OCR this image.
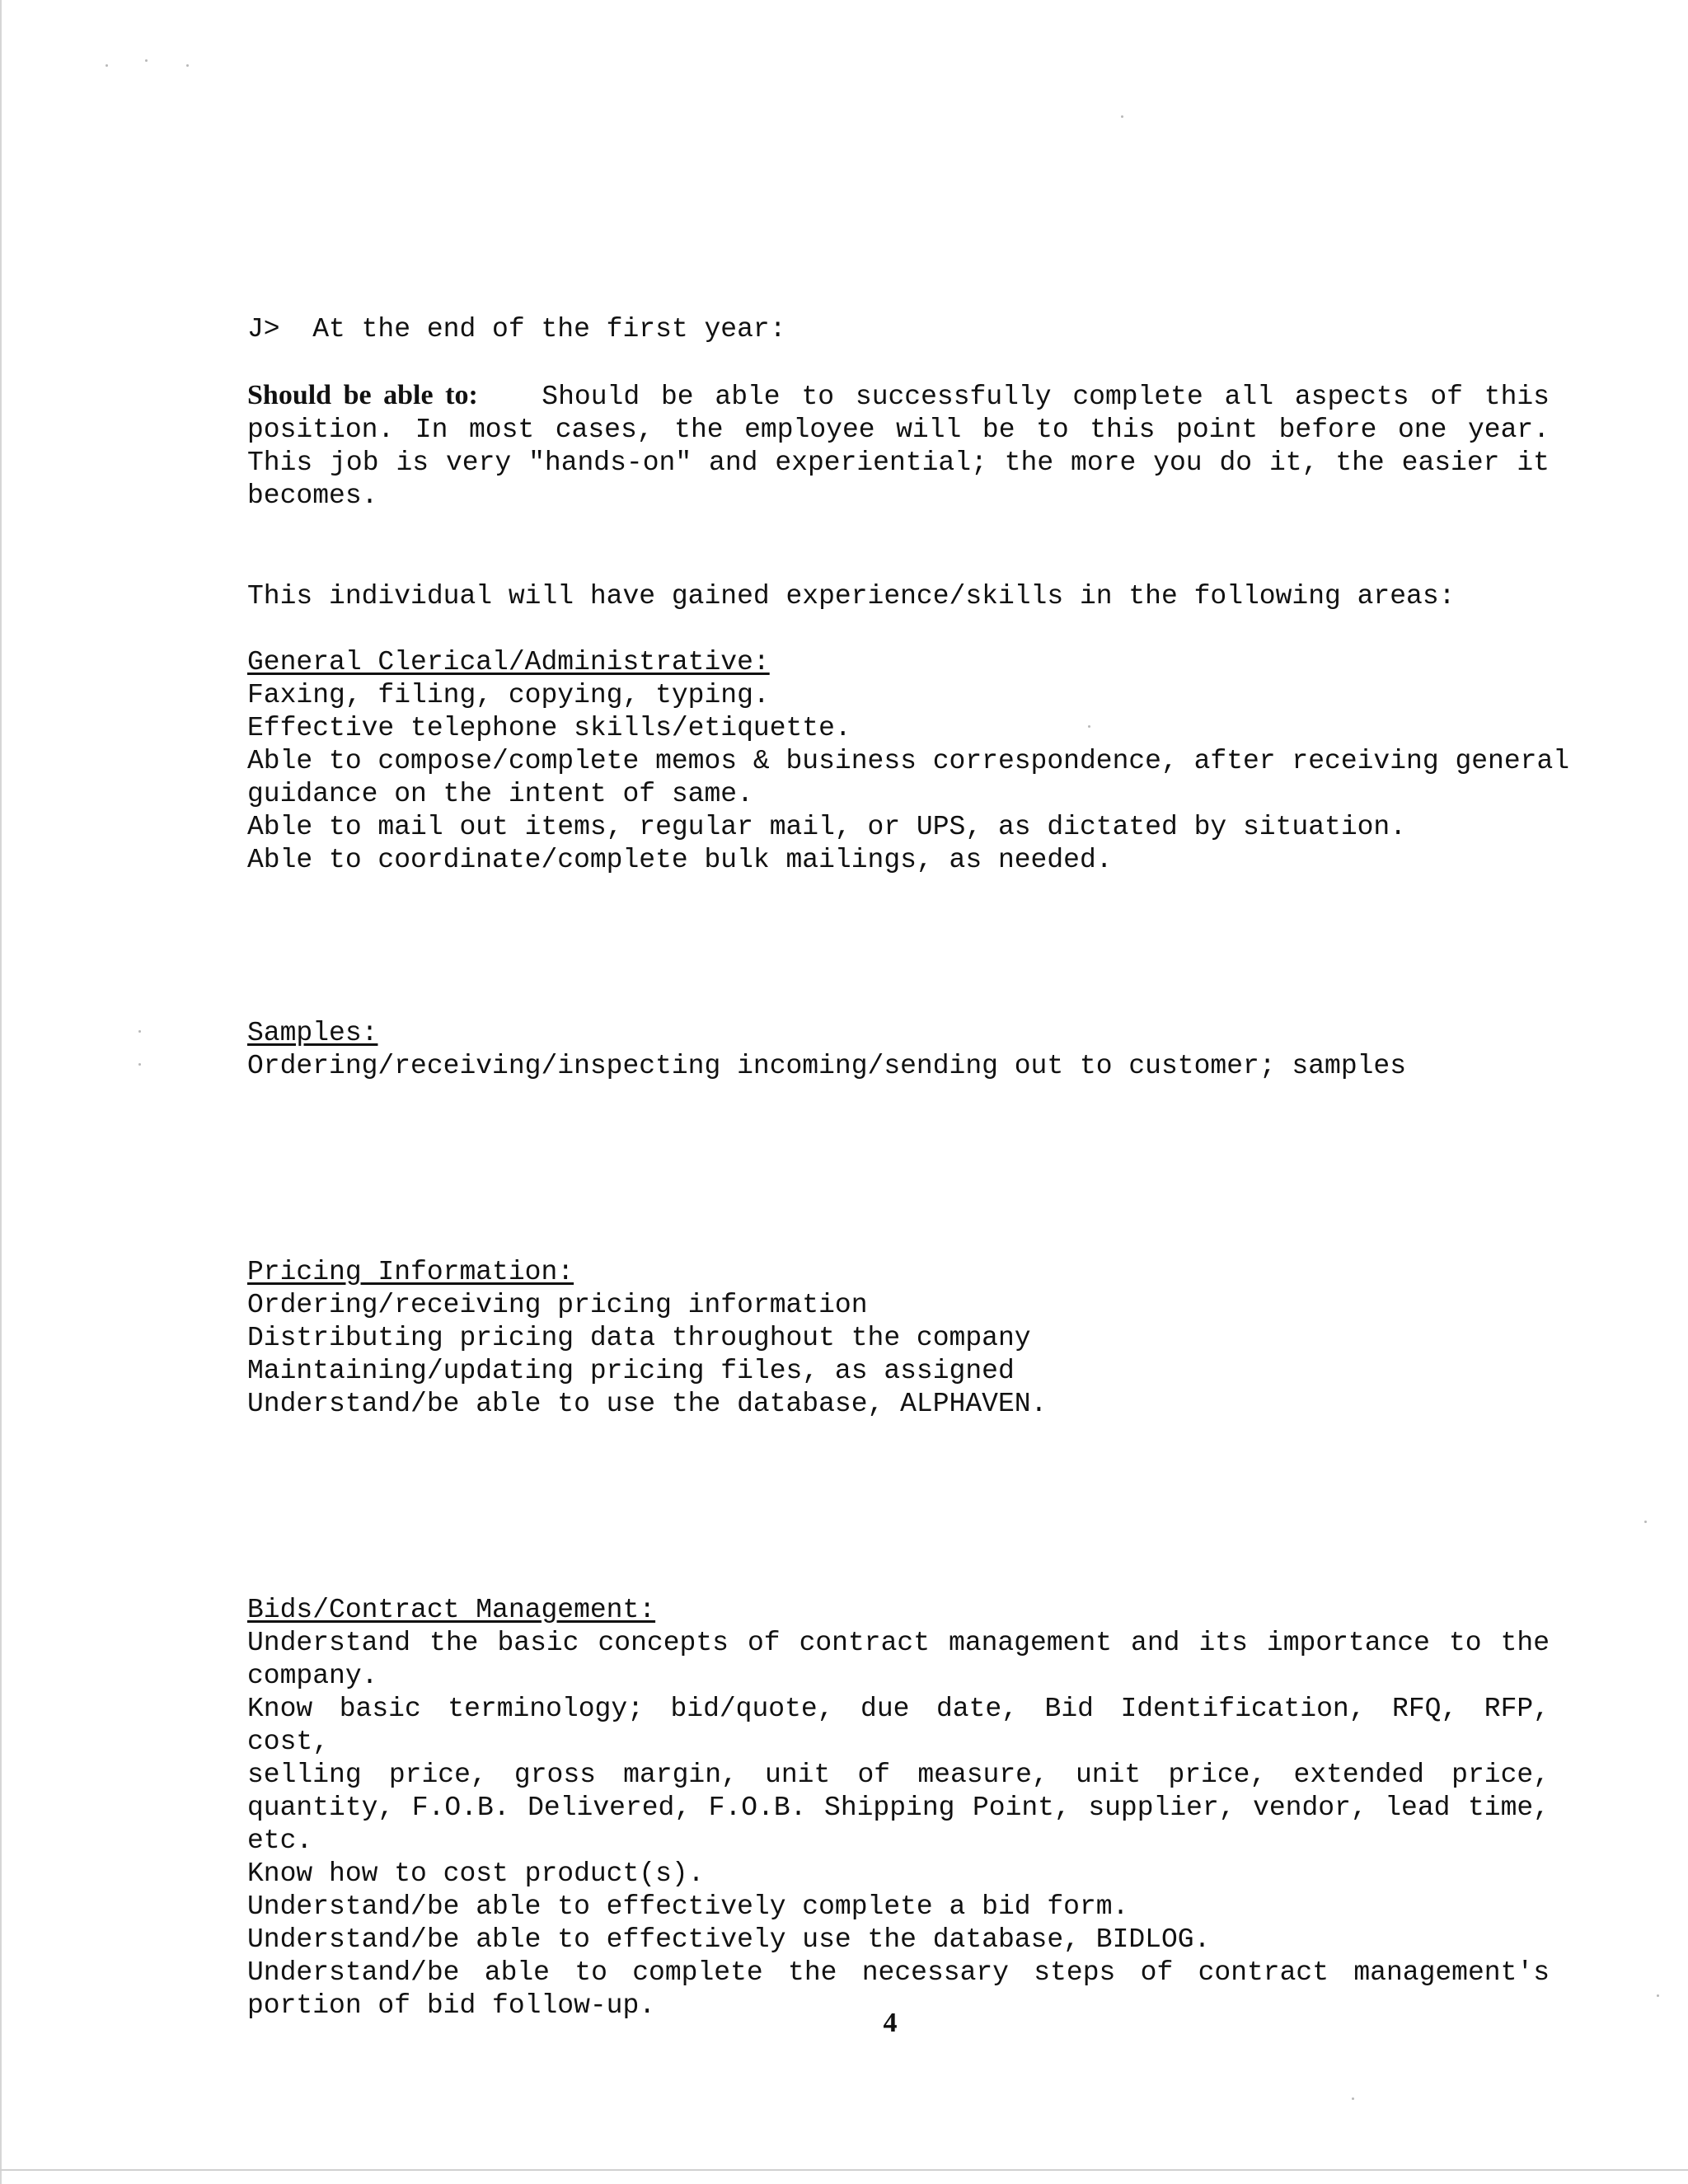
J>  At the end of the first year:
Should be able to: Should be able to successfully complete all aspects of this
position. In most cases, the employee will be to this point before one year.
This job is very "hands-on" and experiential; the more you do it, the easier it
becomes.
This individual will have gained experience/skills in the following areas:
General Clerical/Administrative:
Faxing, filing, copying, typing.
Effective telephone skills/etiquette.
Able to compose/complete memos & business correspondence, after receiving general
guidance on the intent of same.
Able to mail out items, regular mail, or UPS, as dictated by situation.
Able to coordinate/complete bulk mailings, as needed.
Samples:
Ordering/receiving/inspecting incoming/sending out to customer; samples
Pricing Information:
Ordering/receiving pricing information
Distributing pricing data throughout the company
Maintaining/updating pricing files, as assigned
Understand/be able to use the database, ALPHAVEN.
Bids/Contract Management:
Understand the basic concepts of contract management and its importance to the
company.
Know basic terminology; bid/quote, due date, Bid Identification, RFQ, RFP, cost,
selling price, gross margin, unit of measure, unit price, extended price,
quantity, F.O.B. Delivered, F.O.B. Shipping Point, supplier, vendor, lead time,
etc.
Know how to cost product(s).
Understand/be able to effectively complete a bid form.
Understand/be able to effectively use the database, BIDLOG.
Understand/be able to complete the necessary steps of contract management's
portion of bid follow-up.
4
